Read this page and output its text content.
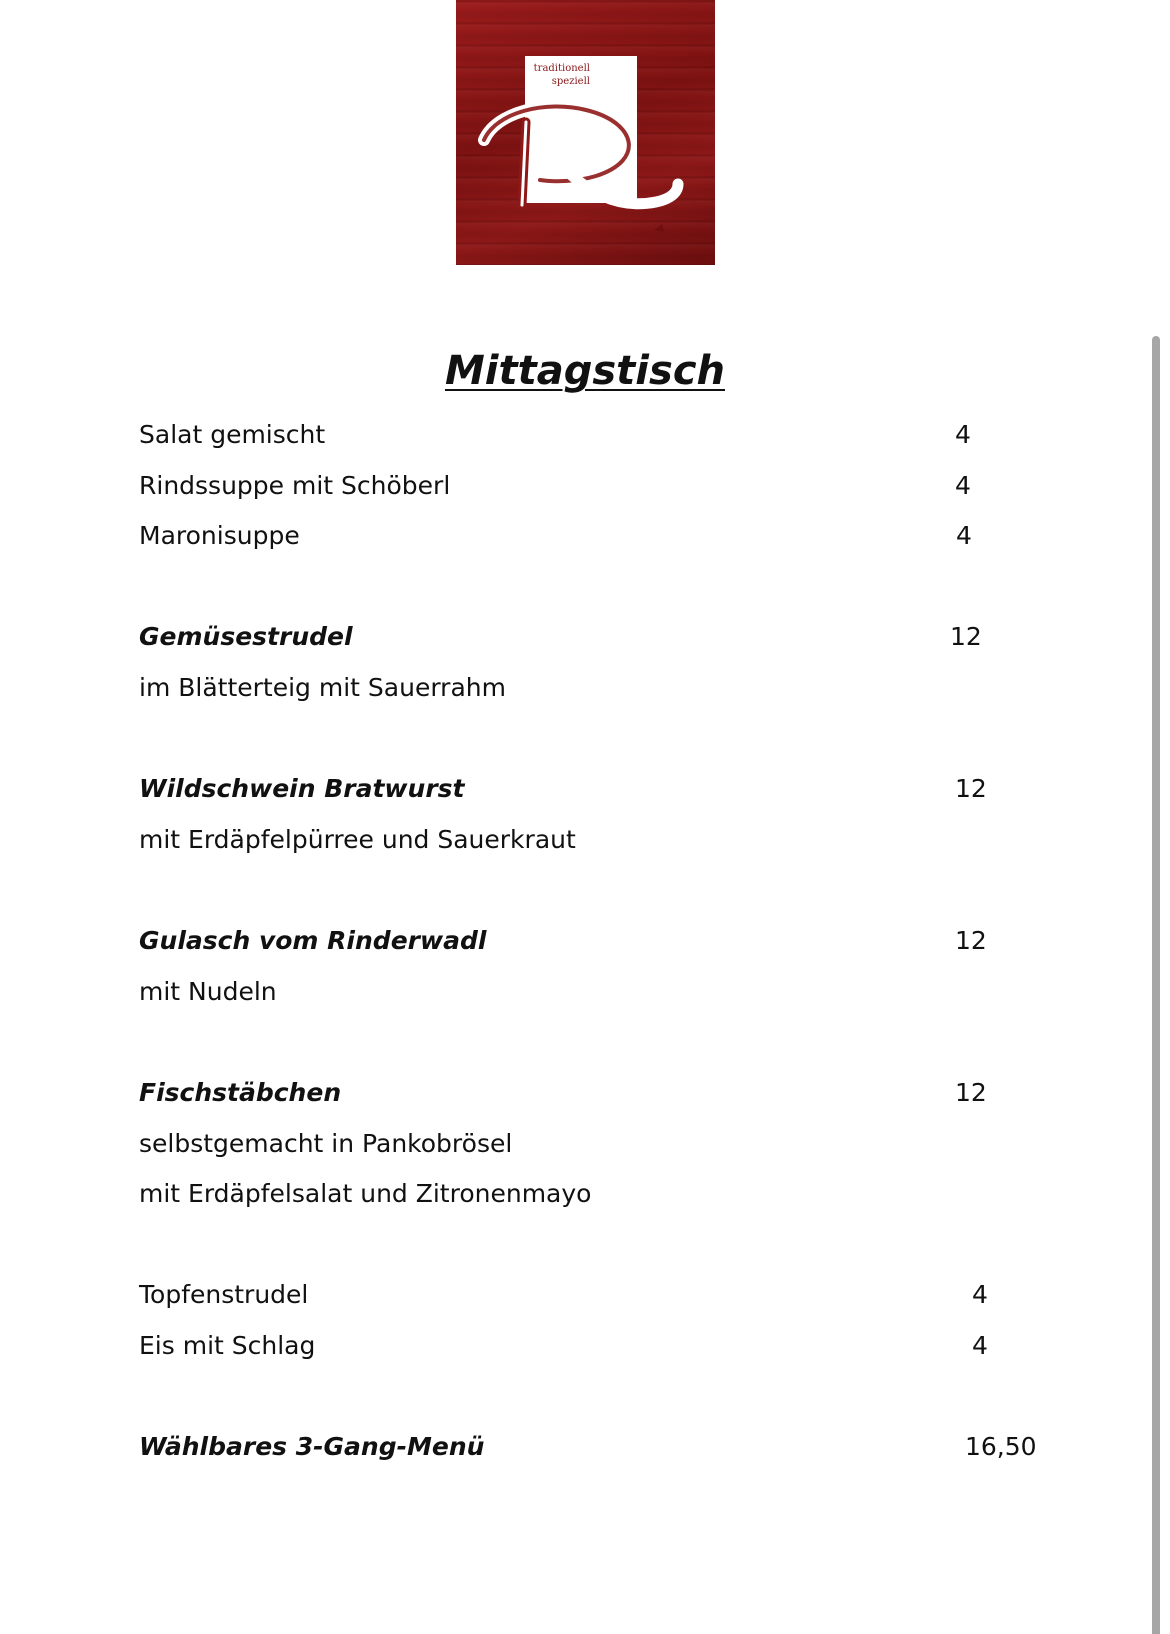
traditionell
speziell
Mittagstisch
Salat gemischt	4
Rindssuppe mit Schöberl	4
Maronisuppe	4
Gemüsestrudel	12
im Blätterteig mit Sauerrahm
Wildschwein Bratwurst	12
mit Erdäpfelpürree und Sauerkraut
Gulasch vom Rinderwadl	12
mit Nudeln
Fischstäbchen	12
selbstgemacht in Pankobrösel
mit Erdäpfelsalat und Zitronenmayo
Topfenstrudel	4
Eis mit Schlag	4
Wählbares 3-Gang-Menü	16,50
